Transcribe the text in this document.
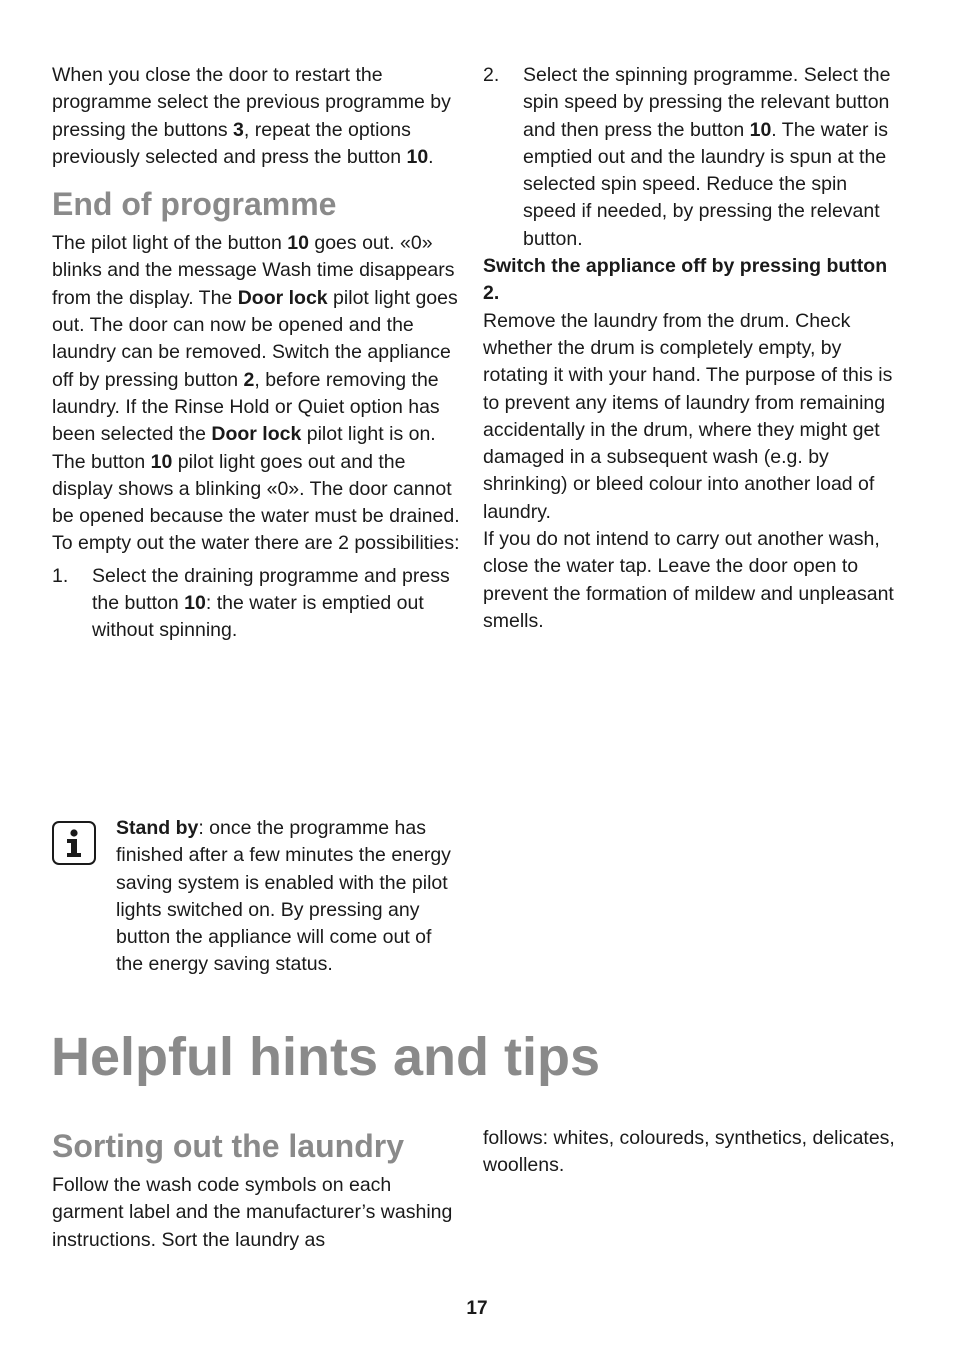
When you close the door to restart the programme select the previous programme by pressing the buttons 3, repeat the options previously selected and press the button 10.

End of programme

The pilot light of the button 10 goes out. «0» blinks and the message Wash time disappears from the display. The Door lock pilot light goes out. The door can now be opened and the laundry can be removed. Switch the appliance off by pressing button 2, before removing the laundry. If the Rinse Hold or Quiet option has been selected the Door lock pilot light is on. The button 10 pilot light goes out and the display shows a blinking «0». The door cannot be opened because the water must be drained.

To empty out the water there are 2 possibilities:

1.	Select the draining programme and press the button 10: the water is emptied out without spinning.
2.	Select the spinning programme. Select the spin speed by pressing the relevant button and then press the button 10. The water is emptied out and the laundry is spun at the selected spin speed. Reduce the spin speed if needed, by pressing the relevant button.

Switch the appliance off by pressing button 2.

Remove the laundry from the drum. Check whether the drum is completely empty, by rotating it with your hand. The purpose of this is to prevent any items of laundry from remaining accidentally in the drum, where they might get damaged in a subsequent wash (e.g. by shrinking) or bleed colour into another load of laundry.

If you do not intend to carry out another wash, close the water tap. Leave the door open to prevent the formation of mildew and unpleasant smells.

Stand by: once the programme has finished after a few minutes the energy saving system is enabled with the pilot lights switched on. By pressing any button the appliance will come out of the energy saving status.
Helpful hints and tips
Sorting out the laundry

Follow the wash code symbols on each garment label and the manufacturer’s washing instructions. Sort the laundry as

follows: whites, coloureds, synthetics, delicates, woollens.

17
